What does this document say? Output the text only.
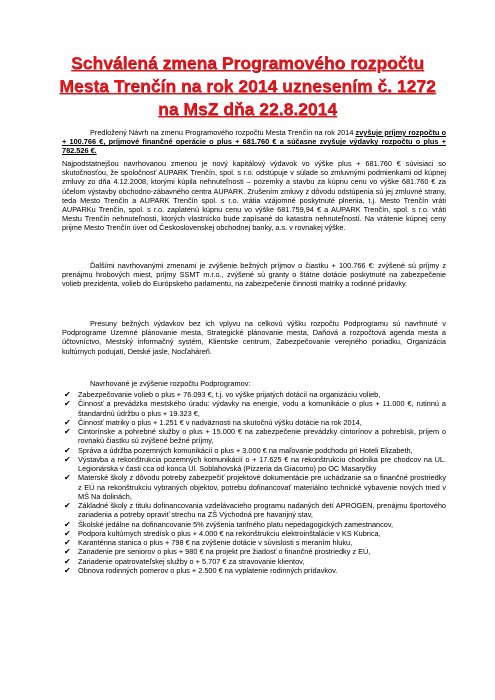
Schválená zmena Programového rozpočtu
Mesta Trenčín na rok 2014 uznesením č. 1272
na MsZ dňa 22.8.2014
Predložený Návrh na zmenu Programového rozpočtu Mesta Trenčín na rok 2014 zvyšuje príjmy rozpočtu o + 100.766 €, príjmové finančné operácie o plus + 681.760 € a súčasne zvyšuje výdavky rozpočtu o plus + 782.526 €.
Najpodstatnejšou navrhovanou zmenou je nový kapitálový výdavok vo výške plus + 681.760 € súvisiaci so skutočnosťou, že spoločnosť AUPARK Trenčín, spol. s r.o. odstúpuje v súlade so zmluvnými podmienkami od kúpnej zmluvy zo dňa 4.12.2008, ktorými kúpila nehnuteľnosti – pozemky a stavbu za kúpnu cenu vo výške 681.760 € za účelom výstavby obchodno-zábavného centra AUPARK. Zrušením zmluvy z dôvodu odstúpenia sú jej zmluvné strany, teda Mesto Trenčín a AUPARK Trenčín spol. s r.o. vrátia vzájomné poskytnuté plnenia, t.j. Mesto Trenčín vráti AUPARKu Trenčín, spol. s r.o. zaplatenú kúpnu cenu vo výške 681.759,94 € a AUPARK Trenčín, spol. s r.o. vráti Mestu Trenčín nehnuteľnosti, ktorých vlastnícko bude zapísané do katastra nehnuteľností. Na vrátenie kúpnej ceny prijme Mesto Trenčín úver od Československej obchodnej banky, a.s. v rovnakej výške.
Ďalšími navrhovanými zmenami je zvýšenie bežných príjmov o čiastku + 100.766 €: zvýšené sú príjmy z prenájmu hrobových miest, príjmy SSMT m.r.o., zvýšené sú granty o štátne dotácie poskytnuté na zabezpečenie volieb prezidenta, volieb do Európskeho parlamentu, na zabezpečenie činnosti matriky a rodinné prídavky.
Presuny bežných výdavkov bez ich vplyvu na celkovú výšku rozpočtu Podprogramu sú navrhnuté v Podprograme Územné plánovanie mesta, Strategické plánovanie mesta, Daňová a rozpočtová agenda mesta a účtovníctvo, Mestský informačný systém, Klientske centrum, Zabezpečovanie verejného poriadku, Organizácia kultúrnych podujatí, Detské jasle, Nocľaháreň.
Navrhované je zvýšenie rozpočtu Podprogramov:
✔ Zabezpečovanie volieb o plus + 76.093 €, t.j. vo výške prijatých dotácií na organizáciu volieb,
✔ Činnosť a prevádzka mestského úradu: výdavky na energie, vodu a komunikácie o plus + 11.000 €, rutinnú a štandardnú údržbu o plus + 19.323 €,
✔ Činnosť matriky o plus + 1.251 € v nadväznosti na skutočnú výšku dotácie na rok 2014,
✔ Cintorínske a pohrebné služby o plus + 15.000 € na zabezpečenie prevádzky cintorínov a pohrebísk, príjem o rovnakú čiastku sú zvýšené bežné príjmy,
✔ Správa a údržba pozemných komunikácií o plus + 3.000 € na maľovanie podchodu pri Hoteli Elizabeth,
✔ Výstavba a rekonštrukcia pozemných komunikácií o + 17.625 € na rekonštrukciu chodníka pre chodcov na UL. Legionárska v časti cca od konca Ul. Soblahovská (Pizzeria da Giacomo) po OC Masaryčky
✔ Materské školy z dôvodu potreby zabezpečiť projektové dokumentácie pre uchádzanie sa o finančné prostriedky z EÚ na rekonštrukciu vybraných objektov, potrebu dofinancovať materiálno technické vybavenie nových tried v MŠ Na dolinách,
✔ Základné školy z titulu dofinancovania vzdelávacieho programu nadaných detí APROGEN, prenájmu športového zariadenia a potreby opraviť strechu na ZŠ Východná pre havarijný stav,
✔ Školské jedálne na dofinancovanie 5% zvýšenia tarifného platu nepedagogických zamestnancov,
✔ Podpora kultúrnych stredísk o plus + 4.000 € na rekonštrukciu elektroinštalácie v KS Kubrica,
✔ Karanténna stanica o plus + 798 € na zvýšenie dotácie v súvislosti s meraním hluku,
✔ Zariadenie pre seniorov o plus + 980 € na projekt pre žiadosť o finančné prostriedky z EÚ,
✔ Zariadenie opatrovateľskej služby o + 5.707 € za stravovanie klientov,
✔ Obnova rodinných pomerov o plus + 2.500 € na vyplatenie rodinných prídavkov.
